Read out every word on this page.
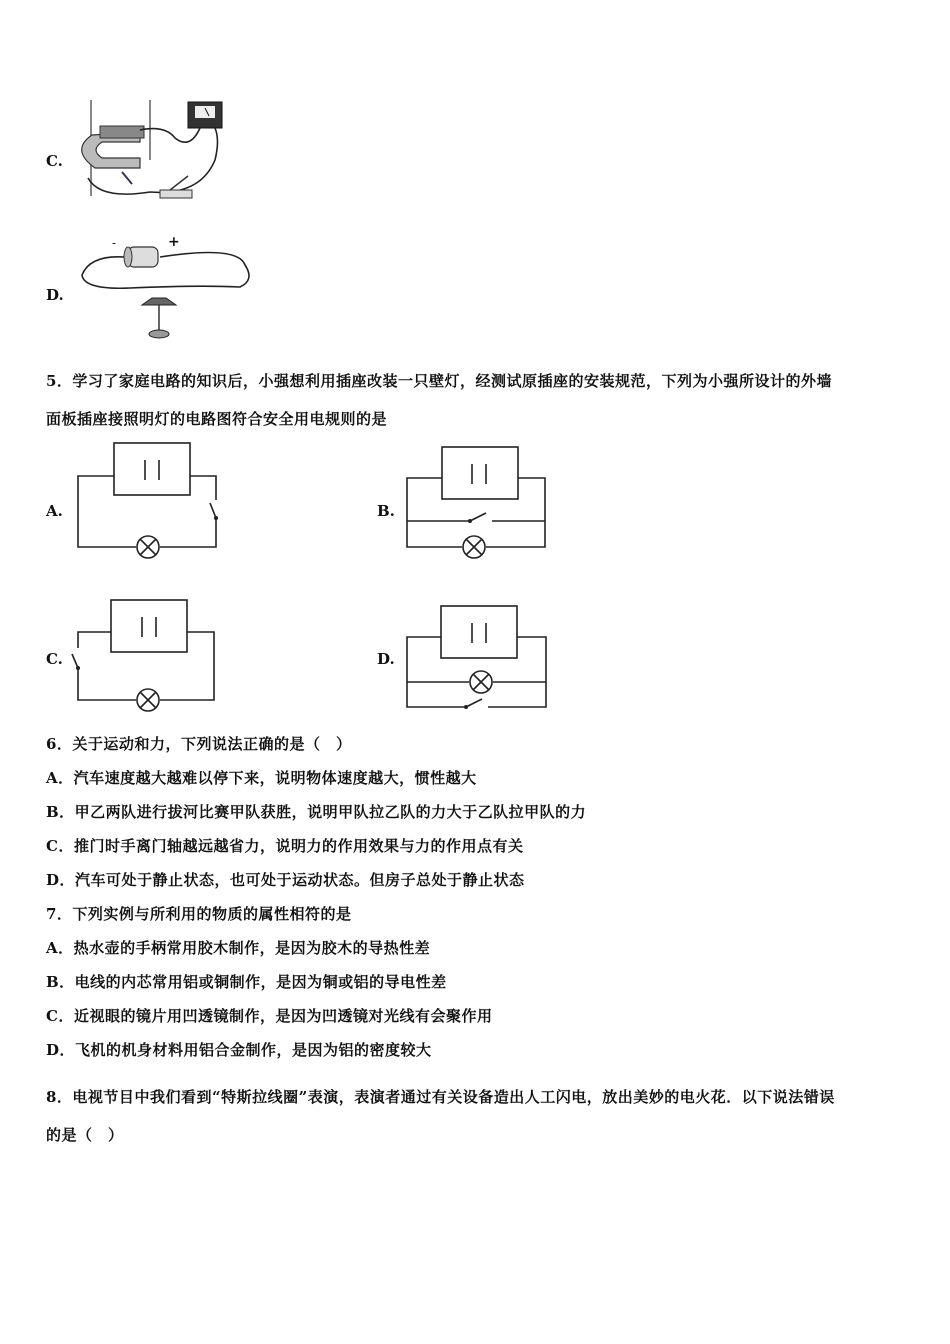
C.
D.
-	+
5．学习了家庭电路的知识后，小强想利用插座改装一只壁灯，经测试原插座的安装规范，下列为小强所设计的外墙
面板插座接照明灯的电路图符合安全用电规则的是
A.	B.
C.	D.
6．关于运动和力，下列说法正确的是（　）
A．汽车速度越大越难以停下来，说明物体速度越大，惯性越大
B．甲乙两队进行拔河比赛甲队获胜，说明甲队拉乙队的力大于乙队拉甲队的力
C．推门时手离门轴越远越省力，说明力的作用效果与力的作用点有关
D．汽车可处于静止状态，也可处于运动状态。但房子总处于静止状态
7．下列实例与所利用的物质的属性相符的是
A．热水壶的手柄常用胶木制作，是因为胶木的导热性差
B．电线的内芯常用铝或铜制作，是因为铜或铝的导电性差
C．近视眼的镜片用凹透镜制作，是因为凹透镜对光线有会聚作用
D．飞机的机身材料用铝合金制作，是因为铝的密度较大
8．电视节目中我们看到“特斯拉线圈”表演，表演者通过有关设备造出人工闪电，放出美妙的电火花．以下说法错误
的是（　）
